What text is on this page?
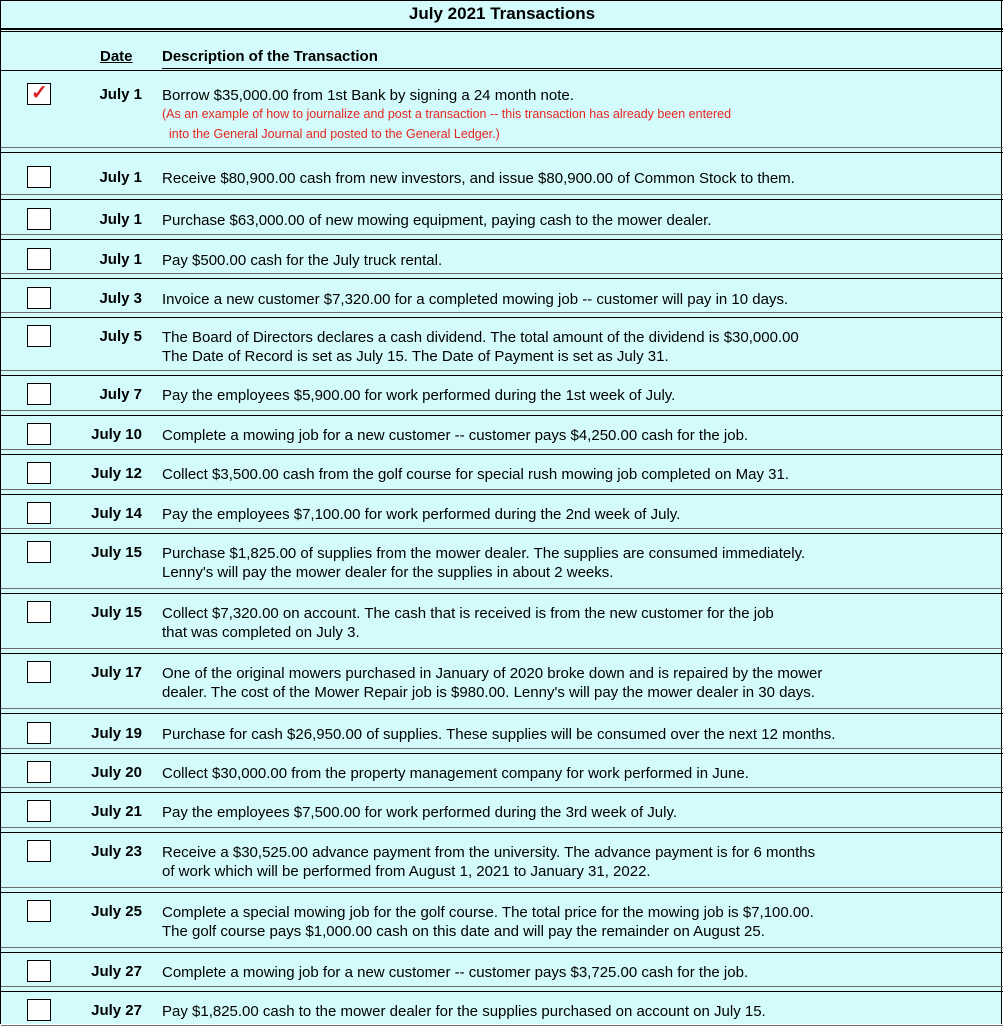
July 2021 Transactions
Date Description of the Transaction
✓	July 1 Borrow $35,000.00 from 1st Bank by signing a 24 month note.
(As an example of how to journalize and post a transaction -- this transaction has already been entered
into the General Journal and posted to the General Ledger.)
July 1 Receive $80,900.00 cash from new investors, and issue $80,900.00 of Common Stock to them.
July 1 Purchase $63,000.00 of new mowing equipment, paying cash to the mower dealer.
July 1 Pay $500.00 cash for the July truck rental.
July 3 Invoice a new customer $7,320.00 for a completed mowing job -- customer will pay in 10 days.
July 5 The Board of Directors declares a cash dividend. The total amount of the dividend is $30,000.00
The Date of Record is set as July 15. The Date of Payment is set as July 31.
July 7 Pay the employees $5,900.00 for work performed during the 1st week of July.
July 10 Complete a mowing job for a new customer -- customer pays $4,250.00 cash for the job.
July 12 Collect $3,500.00 cash from the golf course for special rush mowing job completed on May 31.
July 14 Pay the employees $7,100.00 for work performed during the 2nd week of July.
July 15 Purchase $1,825.00 of supplies from the mower dealer. The supplies are consumed immediately.
Lenny's will pay the mower dealer for the supplies in about 2 weeks.
July 15 Collect $7,320.00 on account. The cash that is received is from the new customer for the job
that was completed on July 3.
July 17 One of the original mowers purchased in January of 2020 broke down and is repaired by the mower
dealer. The cost of the Mower Repair job is $980.00. Lenny's will pay the mower dealer in 30 days.
July 19 Purchase for cash $26,950.00 of supplies. These supplies will be consumed over the next 12 months.
July 20 Collect $30,000.00 from the property management company for work performed in June.
July 21 Pay the employees $7,500.00 for work performed during the 3rd week of July.
July 23 Receive a $30,525.00 advance payment from the university. The advance payment is for 6 months
of work which will be performed from August 1, 2021 to January 31, 2022.
July 25 Complete a special mowing job for the golf course. The total price for the mowing job is $7,100.00.
The golf course pays $1,000.00 cash on this date and will pay the remainder on August 25.
July 27 Complete a mowing job for a new customer -- customer pays $3,725.00 cash for the job.
July 27 Pay $1,825.00 cash to the mower dealer for the supplies purchased on account on July 15.
